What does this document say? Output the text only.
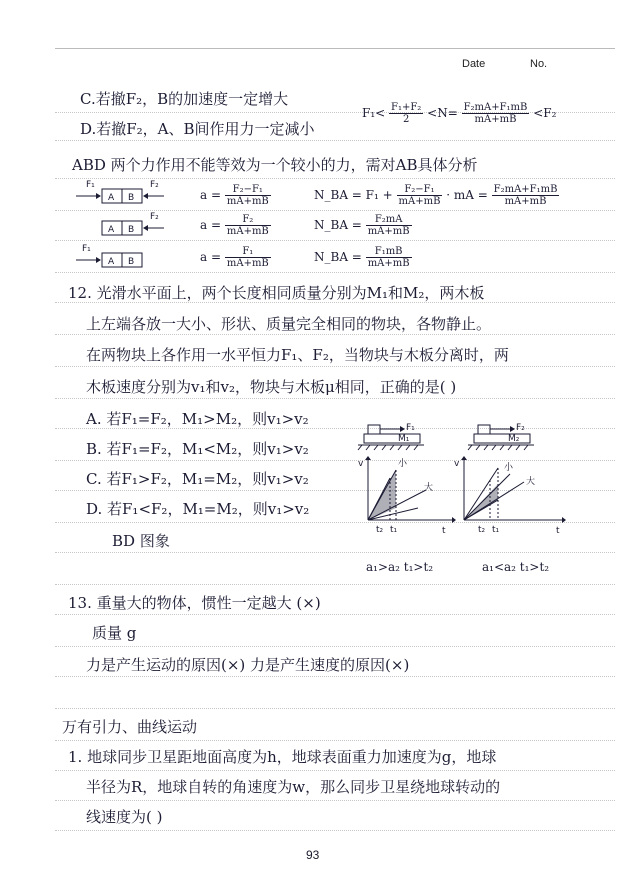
Date	No.
C.若撤F₂，B的加速度一定增大
D.若撤F₂，A、B间作用力一定减小
$F_1< \frac{\text{F₁+F₂}}{2} <N= \frac{\text{F₂mA+F₁mB}}{mA+mB} <F_2$
ABD 两个力作用不能等效为一个较小的力，需对AB具体分析
F₁	F₂
A B	$a = \frac{\text{F₂−F₁}}{mA+mB}$	N_BA = $F_1 + \frac{\text{F₂−F₁}}{mA+mB}$ · mA = $\frac{\text{F₂mA+F₁mB}}{mA+mB}$
F₂
A B	$a = \frac{\text{F₂}}{mA+mB}$	N_BA = $\frac{\text{F₂mA}}{mA+mB}$
F₁
A B	$a = \frac{\text{F₁}}{mA+mB}$	N_BA = $\frac{\text{F₁mB}}{mA+mB}$
12. 光滑水平面上，两个长度相同质量分别为M₁和M₂，两木板
上左端各放一大小、形状、质量完全相同的物块，各物静止。
在两物块上各作用一水平恒力F₁、F₂，当物块与木板分离时，两
木板速度分别为v₁和v₂，物块与木板μ相同，正确的是( )
A. 若F₁=F₂，M₁>M₂，则v₁>v₂
B. 若F₁=F₂，M₁<M₂，则v₁>v₂
C. 若F₁>F₂，M₁=M₂，则v₁>v₂
D. 若F₁<F₂，M₁=M₂，则v₁>v₂
BD 图象
F₁
M₁
F₂
M₂
v
t
小
大
t₂ t₁
v
t
小
大
t₂ t₁
a₁>a₂ t₁>t₂	a₁<a₂ t₁>t₂
13. 重量大的物体，惯性一定越大 (×)
质量 g
力是产生运动的原因(×) 力是产生速度的原因(×)
万有引力、曲线运动
1. 地球同步卫星距地面高度为h，地球表面重力加速度为g，地球
半径为R，地球自转的角速度为w，那么同步卫星绕地球转动的
线速度为( )
93
